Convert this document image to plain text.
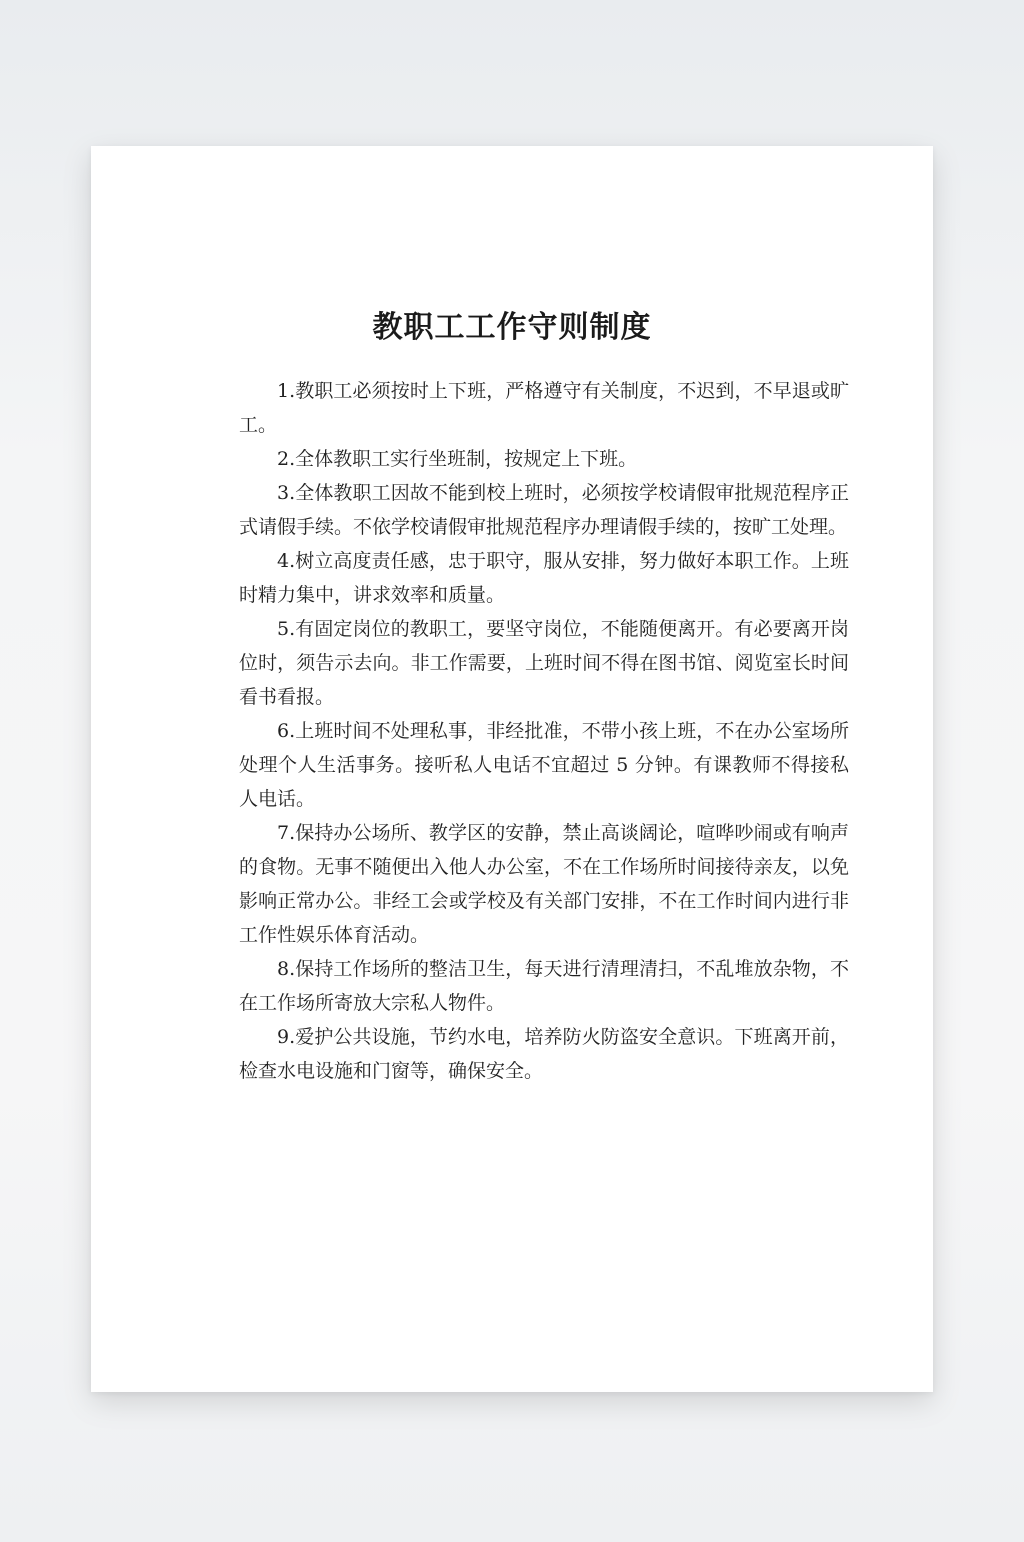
教职工工作守则制度

1.教职工必须按时上下班，严格遵守有关制度，不迟到，不早退或旷工。

2.全体教职工实行坐班制，按规定上下班。

3.全体教职工因故不能到校上班时，必须按学校请假审批规范程序正式请假手续。不依学校请假审批规范程序办理请假手续的，按旷工处理。

4.树立高度责任感，忠于职守，服从安排，努力做好本职工作。上班时精力集中，讲求效率和质量。

5.有固定岗位的教职工，要坚守岗位，不能随便离开。有必要离开岗位时，须告示去向。非工作需要，上班时间不得在图书馆、阅览室长时间看书看报。

6.上班时间不处理私事，非经批准，不带小孩上班，不在办公室场所处理个人生活事务。接听私人电话不宜超过 5 分钟。有课教师不得接私人电话。

7.保持办公场所、教学区的安静，禁止高谈阔论，喧哗吵闹或有响声的食物。无事不随便出入他人办公室，不在工作场所时间接待亲友，以免影响正常办公。非经工会或学校及有关部门安排，不在工作时间内进行非工作性娱乐体育活动。

8.保持工作场所的整洁卫生，每天进行清理清扫，不乱堆放杂物，不在工作场所寄放大宗私人物件。

9.爱护公共设施，节约水电，培养防火防盗安全意识。下班离开前，检查水电设施和门窗等，确保安全。
